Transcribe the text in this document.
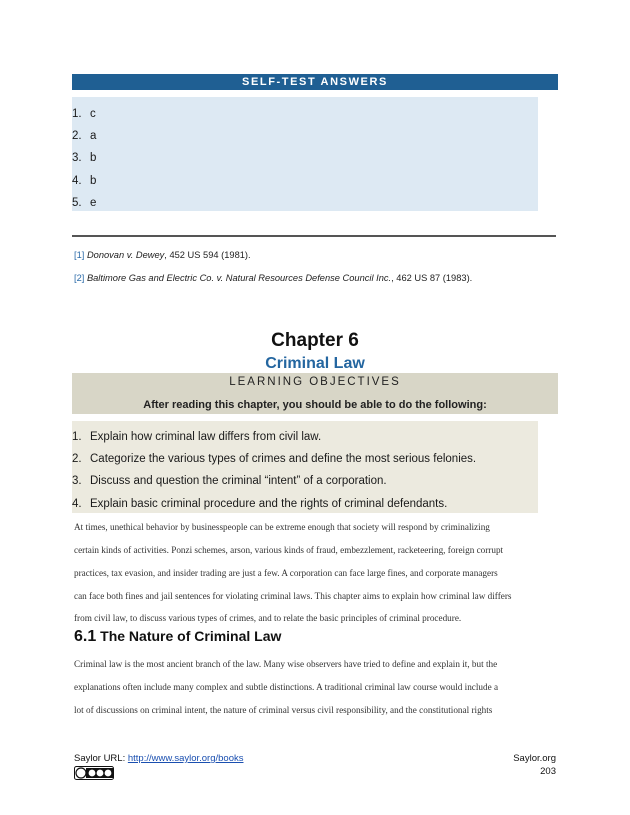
SELF-TEST ANSWERS
1. c
2. a
3. b
4. b
5. e
[1] Donovan v. Dewey, 452 US 594 (1981).
[2] Baltimore Gas and Electric Co. v. Natural Resources Defense Council Inc., 462 US 87 (1983).
Chapter 6
Criminal Law
LEARNING OBJECTIVES
After reading this chapter, you should be able to do the following:
1. Explain how criminal law differs from civil law.
2. Categorize the various types of crimes and define the most serious felonies.
3. Discuss and question the criminal “intent” of a corporation.
4. Explain basic criminal procedure and the rights of criminal defendants.
At times, unethical behavior by businesspeople can be extreme enough that society will respond by criminalizing
certain kinds of activities. Ponzi schemes, arson, various kinds of fraud, embezzlement, racketeering, foreign corrupt
practices, tax evasion, and insider trading are just a few. A corporation can face large fines, and corporate managers
can face both fines and jail sentences for violating criminal laws. This chapter aims to explain how criminal law differs
from civil law, to discuss various types of crimes, and to relate the basic principles of criminal procedure.
6.1 The Nature of Criminal Law
Criminal law is the most ancient branch of the law. Many wise observers have tried to define and explain it, but the
explanations often include many complex and subtle distinctions. A traditional criminal law course would include a
lot of discussions on criminal intent, the nature of criminal versus civil responsibility, and the constitutional rights
Saylor URL: http://www.saylor.org/books	Saylor.org
203
